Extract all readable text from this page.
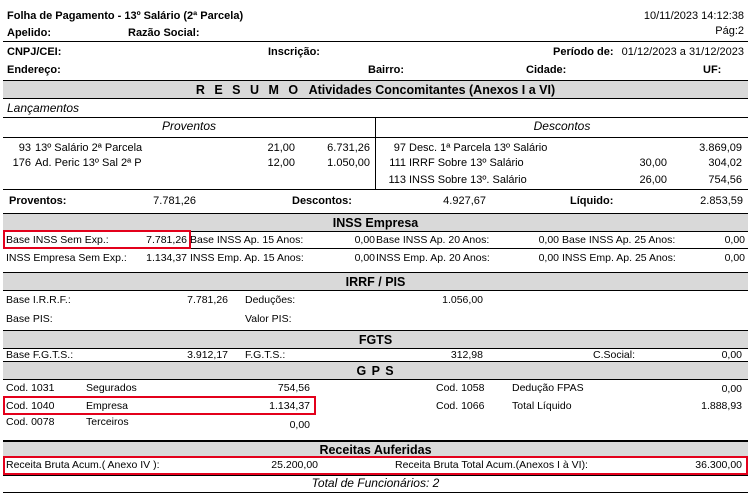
Folha de Pagamento - 13º Salário (2ª Parcela)	10/11/2023 14:12:38
Apelido:	Razão Social:	Pág:2
CNPJ/CEI:	Inscrição:	Período de: 01/12/2023 a 31/12/2023
Endereço:	Bairro:	Cidade:	UF:
R E S U M O Atividades Concomitantes (Anexos I a VI)
Lançamentos
Proventos	Descontos
93 13º Salário 2ª Parcela	21,00	6.731,26
176 Ad. Peric 13º Sal 2ª P	12,00	1.050,00
97 Desc. 1ª Parcela 13º Salário	3.869,09
111 IRRF Sobre 13º Salário	30,00	304,02
113 INSS Sobre 13º. Salário	26,00	754,56
Proventos:	7.781,26	Descontos:	4.927,67	Líquido:	2.853,59
INSS Empresa
Base INSS Sem Exp.:	7.781,26 Base INSS Ap. 15 Anos:	0,00 Base INSS Ap. 20 Anos:	0,00 Base INSS Ap. 25 Anos:	0,00
INSS Empresa Sem Exp.:	1.134,37 INSS Emp. Ap. 15 Anos:	0,00 INSS Emp. Ap. 20 Anos:	0,00 INSS Emp. Ap. 25 Anos:	0,00
IRRF / PIS
Base I.R.R.F.:	7.781,26 Deduções:	1.056,00
Base PIS:	Valor PIS:
FGTS
Base F.G.T.S.:	3.912,17 F.G.T.S.:	312,98	C.Social:	0,00
G P S
Cod. 1031	Segurados	754,56
Cod. 1040	Empresa	1.134,37
Cod. 0078	Terceiros	0,00
Cod. 1058	Dedução FPAS	0,00
Cod. 1066	Total Líquido	1.888,93
Receitas Auferidas
Receita Bruta Acum.( Anexo IV ):	25.200,00	Receita Bruta Total Acum.(Anexos I à VI):	36.300,00
Total de Funcionários: 2
